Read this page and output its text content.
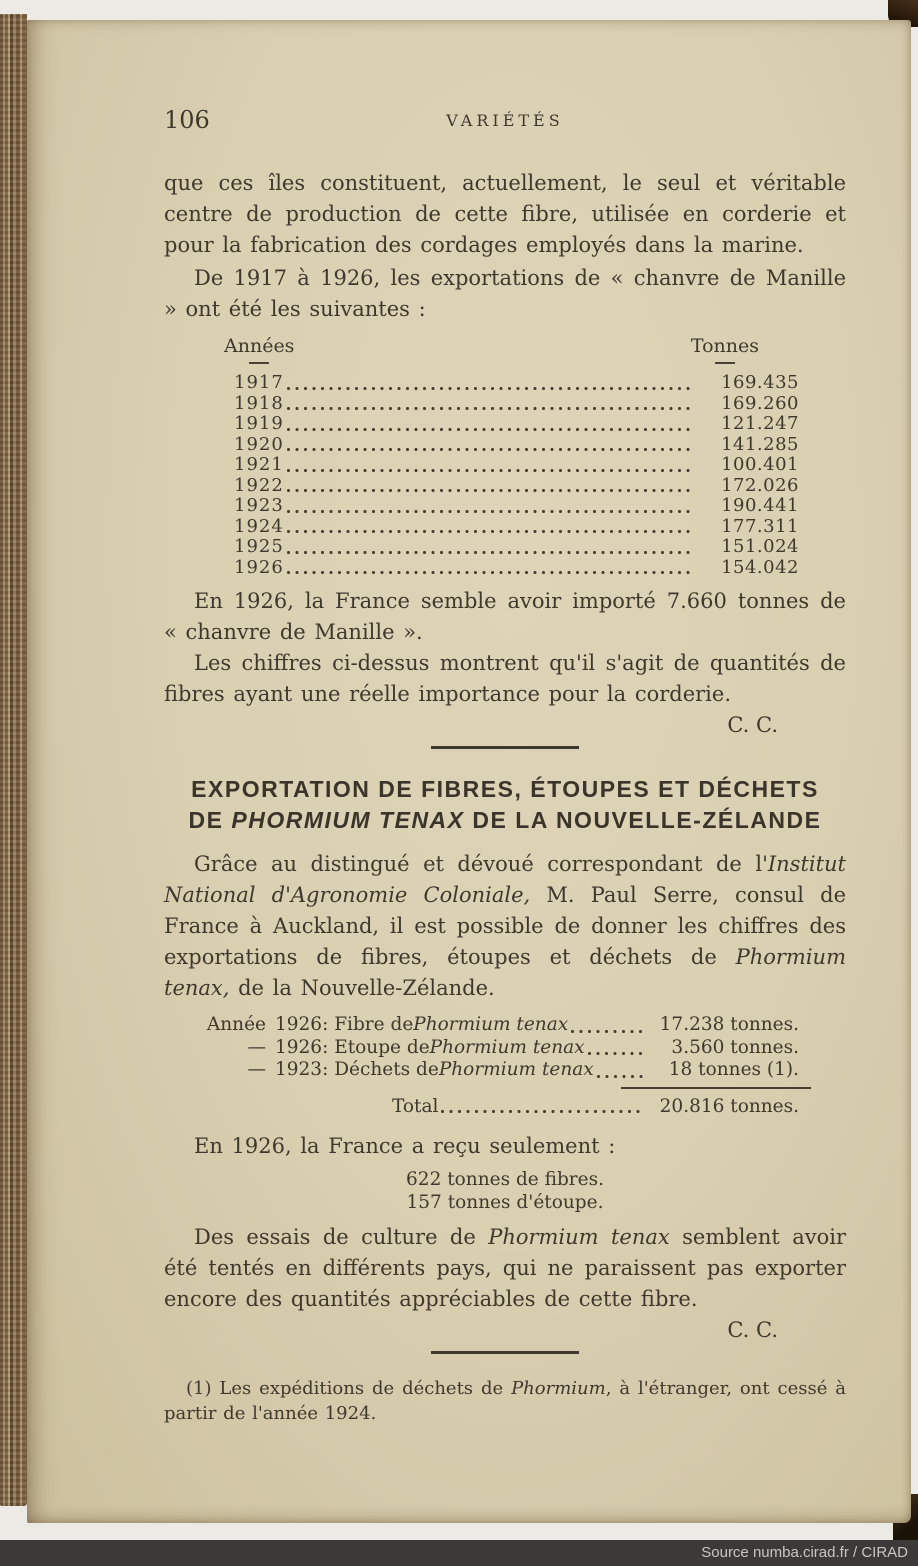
106	VARIÉTÉS

que ces îles constituent, actuellement, le seul et véritable centre de production de cette fibre, utilisée en corderie et pour la fabrication des cordages employés dans la marine.

De 1917 à 1926, les exportations de « chanvre de Manille » ont été les suivantes :

Années	Tonnes
1917	169.435
1918	169.260
1919	121.247
1920	141.285
1921	100.401
1922	172.026
1923	190.441
1924	177.311
1925	151.024
1926	154.042

En 1926, la France semble avoir importé 7.660 tonnes de « chanvre de Manille ».

Les chiffres ci-dessus montrent qu'il s'agit de quantités de fibres ayant une réelle importance pour la corderie.

C. C.
EXPORTATION DE FIBRES, ÉTOUPES ET DÉCHETS
DE PHORMIUM TENAX DE LA NOUVELLE-ZÉLANDE

Grâce au distingué et dévoué correspondant de l'Institut National d'Agronomie Coloniale, M. Paul Serre, consul de France à Auckland, il est possible de donner les chiffres des exportations de fibres, étoupes et déchets de Phormium tenax, de la Nouvelle-Zélande.

Année 1926 : Fibre de Phormium tenax	17.238 tonnes.
— 1926 : Etoupe de Phormium tenax	3.560 tonnes.
— 1923 : Déchets de Phormium tenax	18 tonnes (1).
Total	20.816 tonnes.

En 1926, la France a reçu seulement :

622 tonnes de fibres.
157 tonnes d'étoupe.

Des essais de culture de Phormium tenax semblent avoir été tentés en différents pays, qui ne paraissent pas exporter encore des quantités appréciables de cette fibre.

C. C.

(1) Les expéditions de déchets de Phormium, à l'étranger, ont cessé à partir de l'année 1924.

Source numba.cirad.fr / CIRAD
